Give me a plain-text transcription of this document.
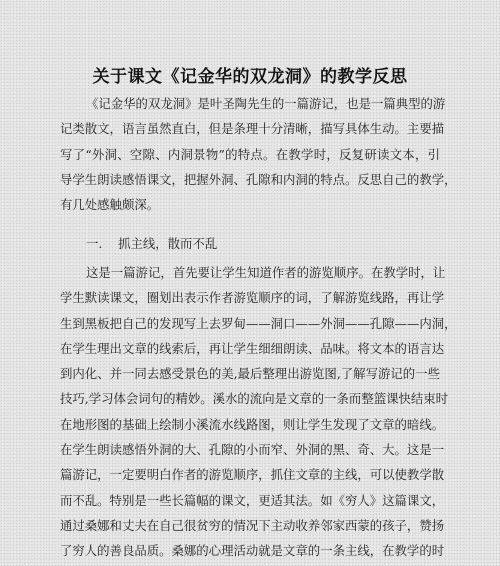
关于课文《记金华的双龙洞》的教学反思
《记金华的双龙洞》是叶圣陶先生的一篇游记，也是一篇典型的游
记类散文，语言虽然直白，但是条理十分清晰，描写具体生动。主要描
写了“外洞、空隙、内洞景物”的特点。在教学时，反复研读文本，引
导学生朗读感悟课文，把握外洞、孔隙和内洞的特点。反思自己的教学，
有几处感触颇深。
一.    抓主线，散而不乱
这是一篇游记，首先要让学生知道作者的游览顺序。在教学时，让
学生默读课文，圈划出表示作者游览顺序的词，了解游览线路，再让学
生到黑板把自己的发现写上去罗甸——洞口——外洞——孔隙——内洞，
在学生理出文章的线索后，再让学生细细朗读、品味。将文本的语言达
到内化、并一同去感受景色的美,最后整理出游览图,了解写游记的一些
技巧,学习体会词句的精妙。溪水的流向是文章的一条而整篮课快结束时
在地形图的基础上绘制小溪流水线路图，则让学生发现了文章的暗线。
在学生朗读感悟外洞的大、孔隙的小而窄、外洞的黑、奇、大。这是一
篇游记，一定要明白作者的游览顺序，抓住文章的主线，可以使教学散
而不乱。特别是一些长篇幅的课文，更适其法。如《穷人》这篇课文，
通过桑娜和丈夫在自己很贫穷的情况下主动收养邻家西蒙的孩子，赞扬
了穷人的善良品质。桑娜的心理活动就是文章的一条主线，在教学的时
